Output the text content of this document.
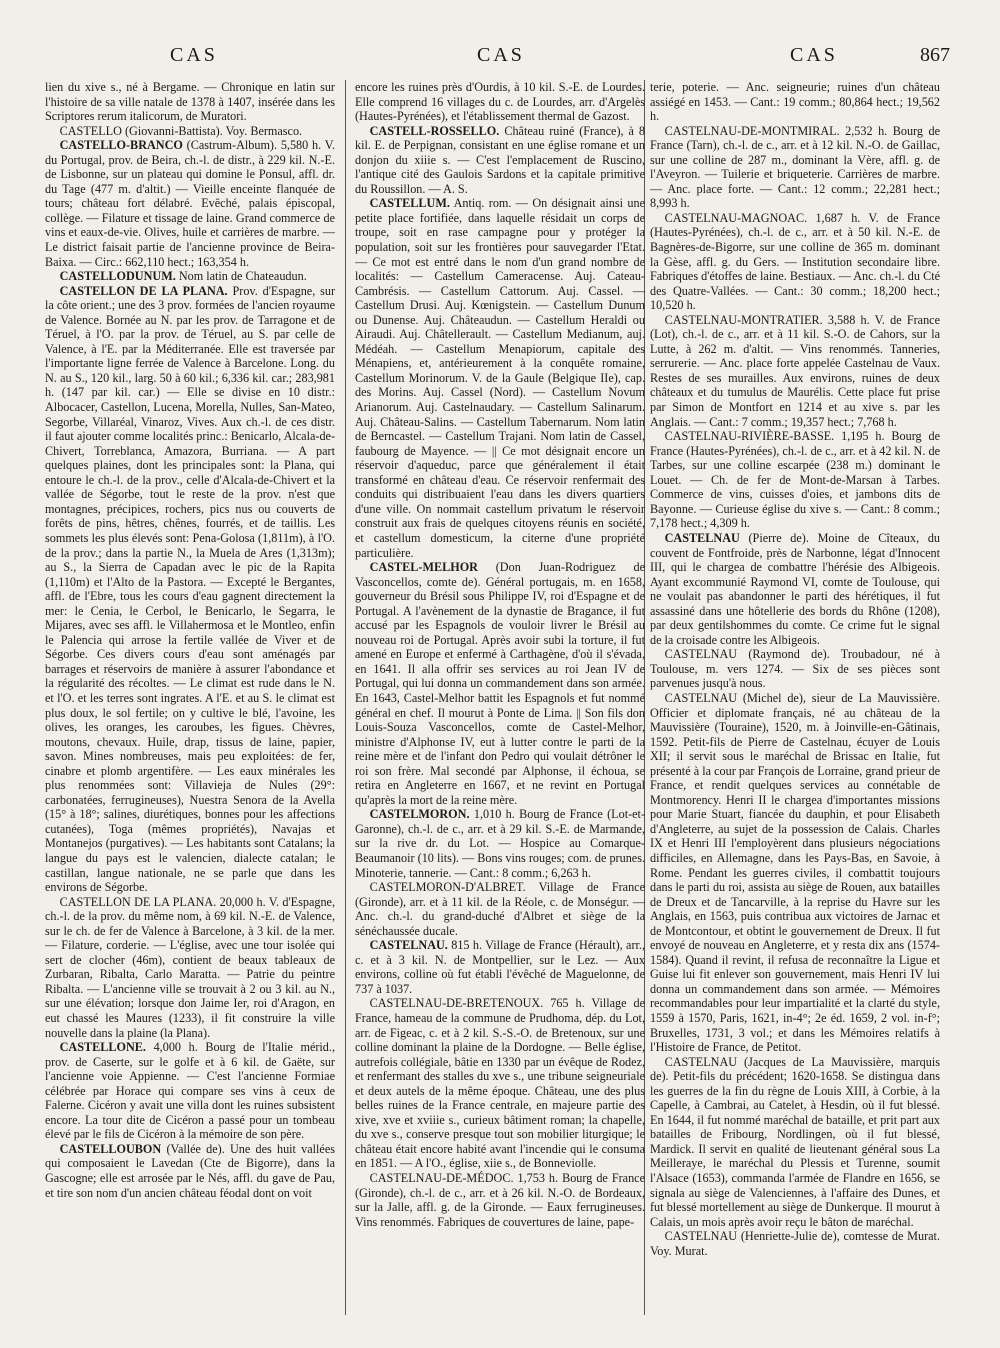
CAS	CAS	CAS	867

lien du xive s., né à Bergame. — Chronique en latin sur l'histoire de sa ville natale de 1378 à 1407, insérée dans les Scriptores rerum italicorum, de Muratori.

CASTELLO (Giovanni-Battista). Voy. Bermasco.

CASTELLO-BRANCO (Castrum-Album). 5,580 h. V. du Portugal, prov. de Beira, ch.-l. de distr., à 229 kil. N.-E. de Lisbonne, sur un plateau qui domine le Ponsul, affl. dr. du Tage (477 m. d'altit.) — Vieille enceinte flanquée de tours; château fort délabré. Evêché, palais épiscopal, collège. — Filature et tissage de laine. Grand commerce de vins et eaux-de-vie. Olives, huile et carrières de marbre. — Le district faisait partie de l'ancienne province de Beira-Baixa. — Circ.: 662,110 hect.; 163,354 h.

CASTELLODUNUM. Nom latin de Chateaudun.

CASTELLON DE LA PLANA. Prov. d'Espagne, sur la côte orient.; une des 3 prov. formées de l'ancien royaume de Valence. Bornée au N. par les prov. de Tarragone et de Téruel, à l'O. par la prov. de Téruel, au S. par celle de Valence, à l'E. par la Méditerranée. Elle est traversée par l'importante ligne ferrée de Valence à Barcelone. Long. du N. au S., 120 kil., larg. 50 à 60 kil.; 6,336 kil. car.; 283,981 h. (147 par kil. car.) — Elle se divise en 10 distr.: Albocacer, Castellon, Lucena, Morella, Nulles, San-Mateo, Segorbe, Villaréal, Vinaroz, Vives. Aux ch.-l. de ces distr. il faut ajouter comme localités princ.: Benicarlo, Alcala-de-Chivert, Torreblanca, Amazora, Burriana. — A part quelques plaines, dont les principales sont: la Plana, qui entoure le ch.-l. de la prov., celle d'Alcala-de-Chivert et la vallée de Ségorbe, tout le reste de la prov. n'est que montagnes, précipices, rochers, pics nus ou couverts de forêts de pins, hêtres, chênes, fourrés, et de taillis. Les sommets les plus élevés sont: Pena-Golosa (1,811m), à l'O. de la prov.; dans la partie N., la Muela de Ares (1,313m); au S., la Sierra de Capadan avec le pic de la Rapita (1,110m) et l'Alto de la Pastora. — Excepté le Bergantes, affl. de l'Ebre, tous les cours d'eau gagnent directement la mer: le Cenia, le Cerbol, le Benicarlo, le Segarra, le Mijares, avec ses affl. le Villahermosa et le Montleo, enfin le Palencia qui arrose la fertile vallée de Viver et de Ségorbe. Ces divers cours d'eau sont aménagés par barrages et réservoirs de manière à assurer l'abondance et la régularité des récoltes. — Le climat est rude dans le N. et l'O. et les terres sont ingrates. A l'E. et au S. le climat est plus doux, le sol fertile; on y cultive le blé, l'avoine, les olives, les oranges, les caroubes, les figues. Chèvres, moutons, chevaux. Huile, drap, tissus de laine, papier, savon. Mines nombreuses, mais peu exploitées: de fer, cinabre et plomb argentifère. — Les eaux minérales les plus renommées sont: Villavieja de Nules (29°: carbonatées, ferrugineuses), Nuestra Senora de la Avella (15° à 18°; salines, diurétiques, bonnes pour les affections cutanées), Toga (mêmes propriétés), Navajas et Montanejos (purgatives). — Les habitants sont Catalans; la langue du pays est le valencien, dialecte catalan; le castillan, langue nationale, ne se parle que dans les environs de Ségorbe.

CASTELLON DE LA PLANA. 20,000 h. V. d'Espagne, ch.-l. de la prov. du même nom, à 69 kil. N.-E. de Valence, sur le ch. de fer de Valence à Barcelone, à 3 kil. de la mer. — Filature, corderie. — L'église, avec une tour isolée qui sert de clocher (46m), contient de beaux tableaux de Zurbaran, Ribalta, Carlo Maratta. — Patrie du peintre Ribalta. — L'ancienne ville se trouvait à 2 ou 3 kil. au N., sur une élévation; lorsque don Jaime Ier, roi d'Aragon, en eut chassé les Maures (1233), il fit construire la ville nouvelle dans la plaine (la Plana).

CASTELLONE. 4,000 h. Bourg de l'Italie mérid., prov. de Caserte, sur le golfe et à 6 kil. de Gaëte, sur l'ancienne voie Appienne. — C'est l'ancienne Formiae célébrée par Horace qui compare ses vins à ceux de Falerne. Cicéron y avait une villa dont les ruines subsistent encore. La tour dite de Cicéron a passé pour un tombeau élevé par le fils de Cicéron à la mémoire de son père.

CASTELLOUBON (Vallée de). Une des huit vallées qui composaient le Lavedan (Cte de Bigorre), dans la Gascogne; elle est arrosée par le Nés, affl. du gave de Pau, et tire son nom d'un ancien château féodal dont on voit

encore les ruines près d'Ourdis, à 10 kil. S.-E. de Lourdes. Elle comprend 16 villages du c. de Lourdes, arr. d'Argelès (Hautes-Pyrénées), et l'établissement thermal de Gazost.

CASTELL-ROSSELLO. Château ruiné (France), à 8 kil. E. de Perpignan, consistant en une église romane et un donjon du xiiie s. — C'est l'emplacement de Ruscino, l'antique cité des Gaulois Sardons et la capitale primitive du Roussillon. — A. S.

CASTELLUM. Antiq. rom. — On désignait ainsi une petite place fortifiée, dans laquelle résidait un corps de troupe, soit en rase campagne pour y protéger la population, soit sur les frontières pour sauvegarder l'Etat. — Ce mot est entré dans le nom d'un grand nombre de localités: — Castellum Cameracense. Auj. Cateau-Cambrésis. — Castellum Cattorum. Auj. Cassel. — Castellum Drusi. Auj. Kœnigstein. — Castellum Dunum ou Dunense. Auj. Châteaudun. — Castellum Heraldi ou Airaudi. Auj. Châtellerault. — Castellum Medianum, auj. Médéah. — Castellum Menapiorum, capitale des Ménapiens, et, antérieurement à la conquête romaine, Castellum Morinorum. V. de la Gaule (Belgique IIe), cap. des Morins. Auj. Cassel (Nord). — Castellum Novum Arianorum. Auj. Castelnaudary. — Castellum Salinarum. Auj. Château-Salins. — Castellum Tabernarum. Nom latin de Berncastel. — Castellum Trajani. Nom latin de Cassel, faubourg de Mayence. — || Ce mot désignait encore un réservoir d'aqueduc, parce que généralement il était transformé en château d'eau. Ce réservoir renfermait des conduits qui distribuaient l'eau dans les divers quartiers d'une ville. On nommait castellum privatum le réservoir construit aux frais de quelques citoyens réunis en société, et castellum domesticum, la citerne d'une propriété particulière.

CASTEL-MELHOR (Don Juan-Rodriguez de Vasconcellos, comte de). Général portugais, m. en 1658, gouverneur du Brésil sous Philippe IV, roi d'Espagne et de Portugal. A l'avènement de la dynastie de Bragance, il fut accusé par les Espagnols de vouloir livrer le Brésil au nouveau roi de Portugal. Après avoir subi la torture, il fut amené en Europe et enfermé à Carthagène, d'où il s'évada, en 1641. Il alla offrir ses services au roi Jean IV de Portugal, qui lui donna un commandement dans son armée. En 1643, Castel-Melhor battit les Espagnols et fut nommé général en chef. Il mourut à Ponte de Lima. || Son fils don Louis-Souza Vasconcellos, comte de Castel-Melhor, ministre d'Alphonse IV, eut à lutter contre le parti de la reine mère et de l'infant don Pedro qui voulait détrôner le roi son frère. Mal secondé par Alphonse, il échoua, se retira en Angleterre en 1667, et ne revint en Portugal qu'après la mort de la reine mère.

CASTELMORON. 1,010 h. Bourg de France (Lot-et-Garonne), ch.-l. de c., arr. et à 29 kil. S.-E. de Marmande, sur la rive dr. du Lot. — Hospice au Comarque-Beaumanoir (10 lits). — Bons vins rouges; com. de prunes. Minoterie, tannerie. — Cant.: 8 comm.; 6,263 h.

CASTELMORON-D'ALBRET. Village de France (Gironde), arr. et à 11 kil. de la Réole, c. de Monségur. — Anc. ch.-l. du grand-duché d'Albret et siège de la sénéchaussée ducale.

CASTELNAU. 815 h. Village de France (Hérault), arr., c. et à 3 kil. N. de Montpellier, sur le Lez. — Aux environs, colline où fut établi l'évêché de Maguelonne, de 737 à 1037.

CASTELNAU-DE-BRETENOUX. 765 h. Village de France, hameau de la commune de Prudhoma, dép. du Lot, arr. de Figeac, c. et à 2 kil. S.-S.-O. de Bretenoux, sur une colline dominant la plaine de la Dordogne. — Belle église, autrefois collégiale, bâtie en 1330 par un évêque de Rodez, et renfermant des stalles du xve s., une tribune seigneuriale et deux autels de la même époque. Château, une des plus belles ruines de la France centrale, en majeure partie des xive, xve et xviiie s., curieux bâtiment roman; la chapelle, du xve s., conserve presque tout son mobilier liturgique; le château était encore habité avant l'incendie qui le consuma en 1851. — A l'O., église, xiie s., de Bonneviolle.

CASTELNAU-DE-MÉDOC. 1,753 h. Bourg de France (Gironde), ch.-l. de c., arr. et à 26 kil. N.-O. de Bordeaux, sur la Jalle, affl. g. de la Gironde. — Eaux ferrugineuses. Vins renommés. Fabriques de couvertures de laine, pape-

terie, poterie. — Anc. seigneurie; ruines d'un château assiégé en 1453. — Cant.: 19 comm.; 80,864 hect.; 19,562 h.

CASTELNAU-DE-MONTMIRAL. 2,532 h. Bourg de France (Tarn), ch.-l. de c., arr. et à 12 kil. N.-O. de Gaillac, sur une colline de 287 m., dominant la Vère, affl. g. de l'Aveyron. — Tuilerie et briqueterie. Carrières de marbre. — Anc. place forte. — Cant.: 12 comm.; 22,281 hect.; 8,993 h.

CASTELNAU-MAGNOAC. 1,687 h. V. de France (Hautes-Pyrénées), ch.-l. de c., arr. et à 50 kil. N.-E. de Bagnères-de-Bigorre, sur une colline de 365 m. dominant la Gèse, affl. g. du Gers. — Institution secondaire libre. Fabriques d'étoffes de laine. Bestiaux. — Anc. ch.-l. du Cté des Quatre-Vallées. — Cant.: 30 comm.; 18,200 hect.; 10,520 h.

CASTELNAU-MONTRATIER. 3,588 h. V. de France (Lot), ch.-l. de c., arr. et à 11 kil. S.-O. de Cahors, sur la Lutte, à 262 m. d'altit. — Vins renommés. Tanneries, serrurerie. — Anc. place forte appelée Castelnau de Vaux. Restes de ses murailles. Aux environs, ruines de deux châteaux et du tumulus de Maurélis. Cette place fut prise par Simon de Montfort en 1214 et au xive s. par les Anglais. — Cant.: 7 comm.; 19,357 hect.; 7,768 h.

CASTELNAU-RIVIÈRE-BASSE. 1,195 h. Bourg de France (Hautes-Pyrénées), ch.-l. de c., arr. et à 42 kil. N. de Tarbes, sur une colline escarpée (238 m.) dominant le Louet. — Ch. de fer de Mont-de-Marsan à Tarbes. Commerce de vins, cuisses d'oies, et jambons dits de Bayonne. — Curieuse église du xive s. — Cant.: 8 comm.; 7,178 hect.; 4,309 h.

CASTELNAU (Pierre de). Moine de Cîteaux, du couvent de Fontfroide, près de Narbonne, légat d'Innocent III, qui le chargea de combattre l'hérésie des Albigeois. Ayant excommunié Raymond VI, comte de Toulouse, qui ne voulait pas abandonner le parti des hérétiques, il fut assassiné dans une hôtellerie des bords du Rhône (1208), par deux gentilshommes du comte. Ce crime fut le signal de la croisade contre les Albigeois.

CASTELNAU (Raymond de). Troubadour, né à Toulouse, m. vers 1274. — Six de ses pièces sont parvenues jusqu'à nous.

CASTELNAU (Michel de), sieur de La Mauvissière. Officier et diplomate français, né au château de la Mauvissière (Touraine), 1520, m. à Joinville-en-Gâtinais, 1592. Petit-fils de Pierre de Castelnau, écuyer de Louis XII; il servit sous le maréchal de Brissac en Italie, fut présenté à la cour par François de Lorraine, grand prieur de France, et rendit quelques services au connétable de Montmorency. Henri II le chargea d'importantes missions pour Marie Stuart, fiancée du dauphin, et pour Elisabeth d'Angleterre, au sujet de la possession de Calais. Charles IX et Henri III l'employèrent dans plusieurs négociations difficiles, en Allemagne, dans les Pays-Bas, en Savoie, à Rome. Pendant les guerres civiles, il combattit toujours dans le parti du roi, assista au siège de Rouen, aux batailles de Dreux et de Tancarville, à la reprise du Havre sur les Anglais, en 1563, puis contribua aux victoires de Jarnac et de Montcontour, et obtint le gouvernement de Dreux. Il fut envoyé de nouveau en Angleterre, et y resta dix ans (1574-1584). Quand il revint, il refusa de reconnaître la Ligue et Guise lui fit enlever son gouvernement, mais Henri IV lui donna un commandement dans son armée. — Mémoires recommandables pour leur impartialité et la clarté du style, 1559 à 1570, Paris, 1621, in-4°; 2e éd. 1659, 2 vol. in-f°; Bruxelles, 1731, 3 vol.; et dans les Mémoires relatifs à l'Histoire de France, de Petitot.

CASTELNAU (Jacques de La Mauvissière, marquis de). Petit-fils du précédent; 1620-1658. Se distingua dans les guerres de la fin du règne de Louis XIII, à Corbie, à la Capelle, à Cambrai, au Catelet, à Hesdin, où il fut blessé. En 1644, il fut nommé maréchal de bataille, et prit part aux batailles de Fribourg, Nordlingen, où il fut blessé, Mardick. Il servit en qualité de lieutenant général sous La Meilleraye, le maréchal du Plessis et Turenne, soumit l'Alsace (1653), commanda l'armée de Flandre en 1656, se signala au siège de Valenciennes, à l'affaire des Dunes, et fut blessé mortellement au siège de Dunkerque. Il mourut à Calais, un mois après avoir reçu le bâton de maréchal.

CASTELNAU (Henriette-Julie de), comtesse de Murat. Voy. Murat.
